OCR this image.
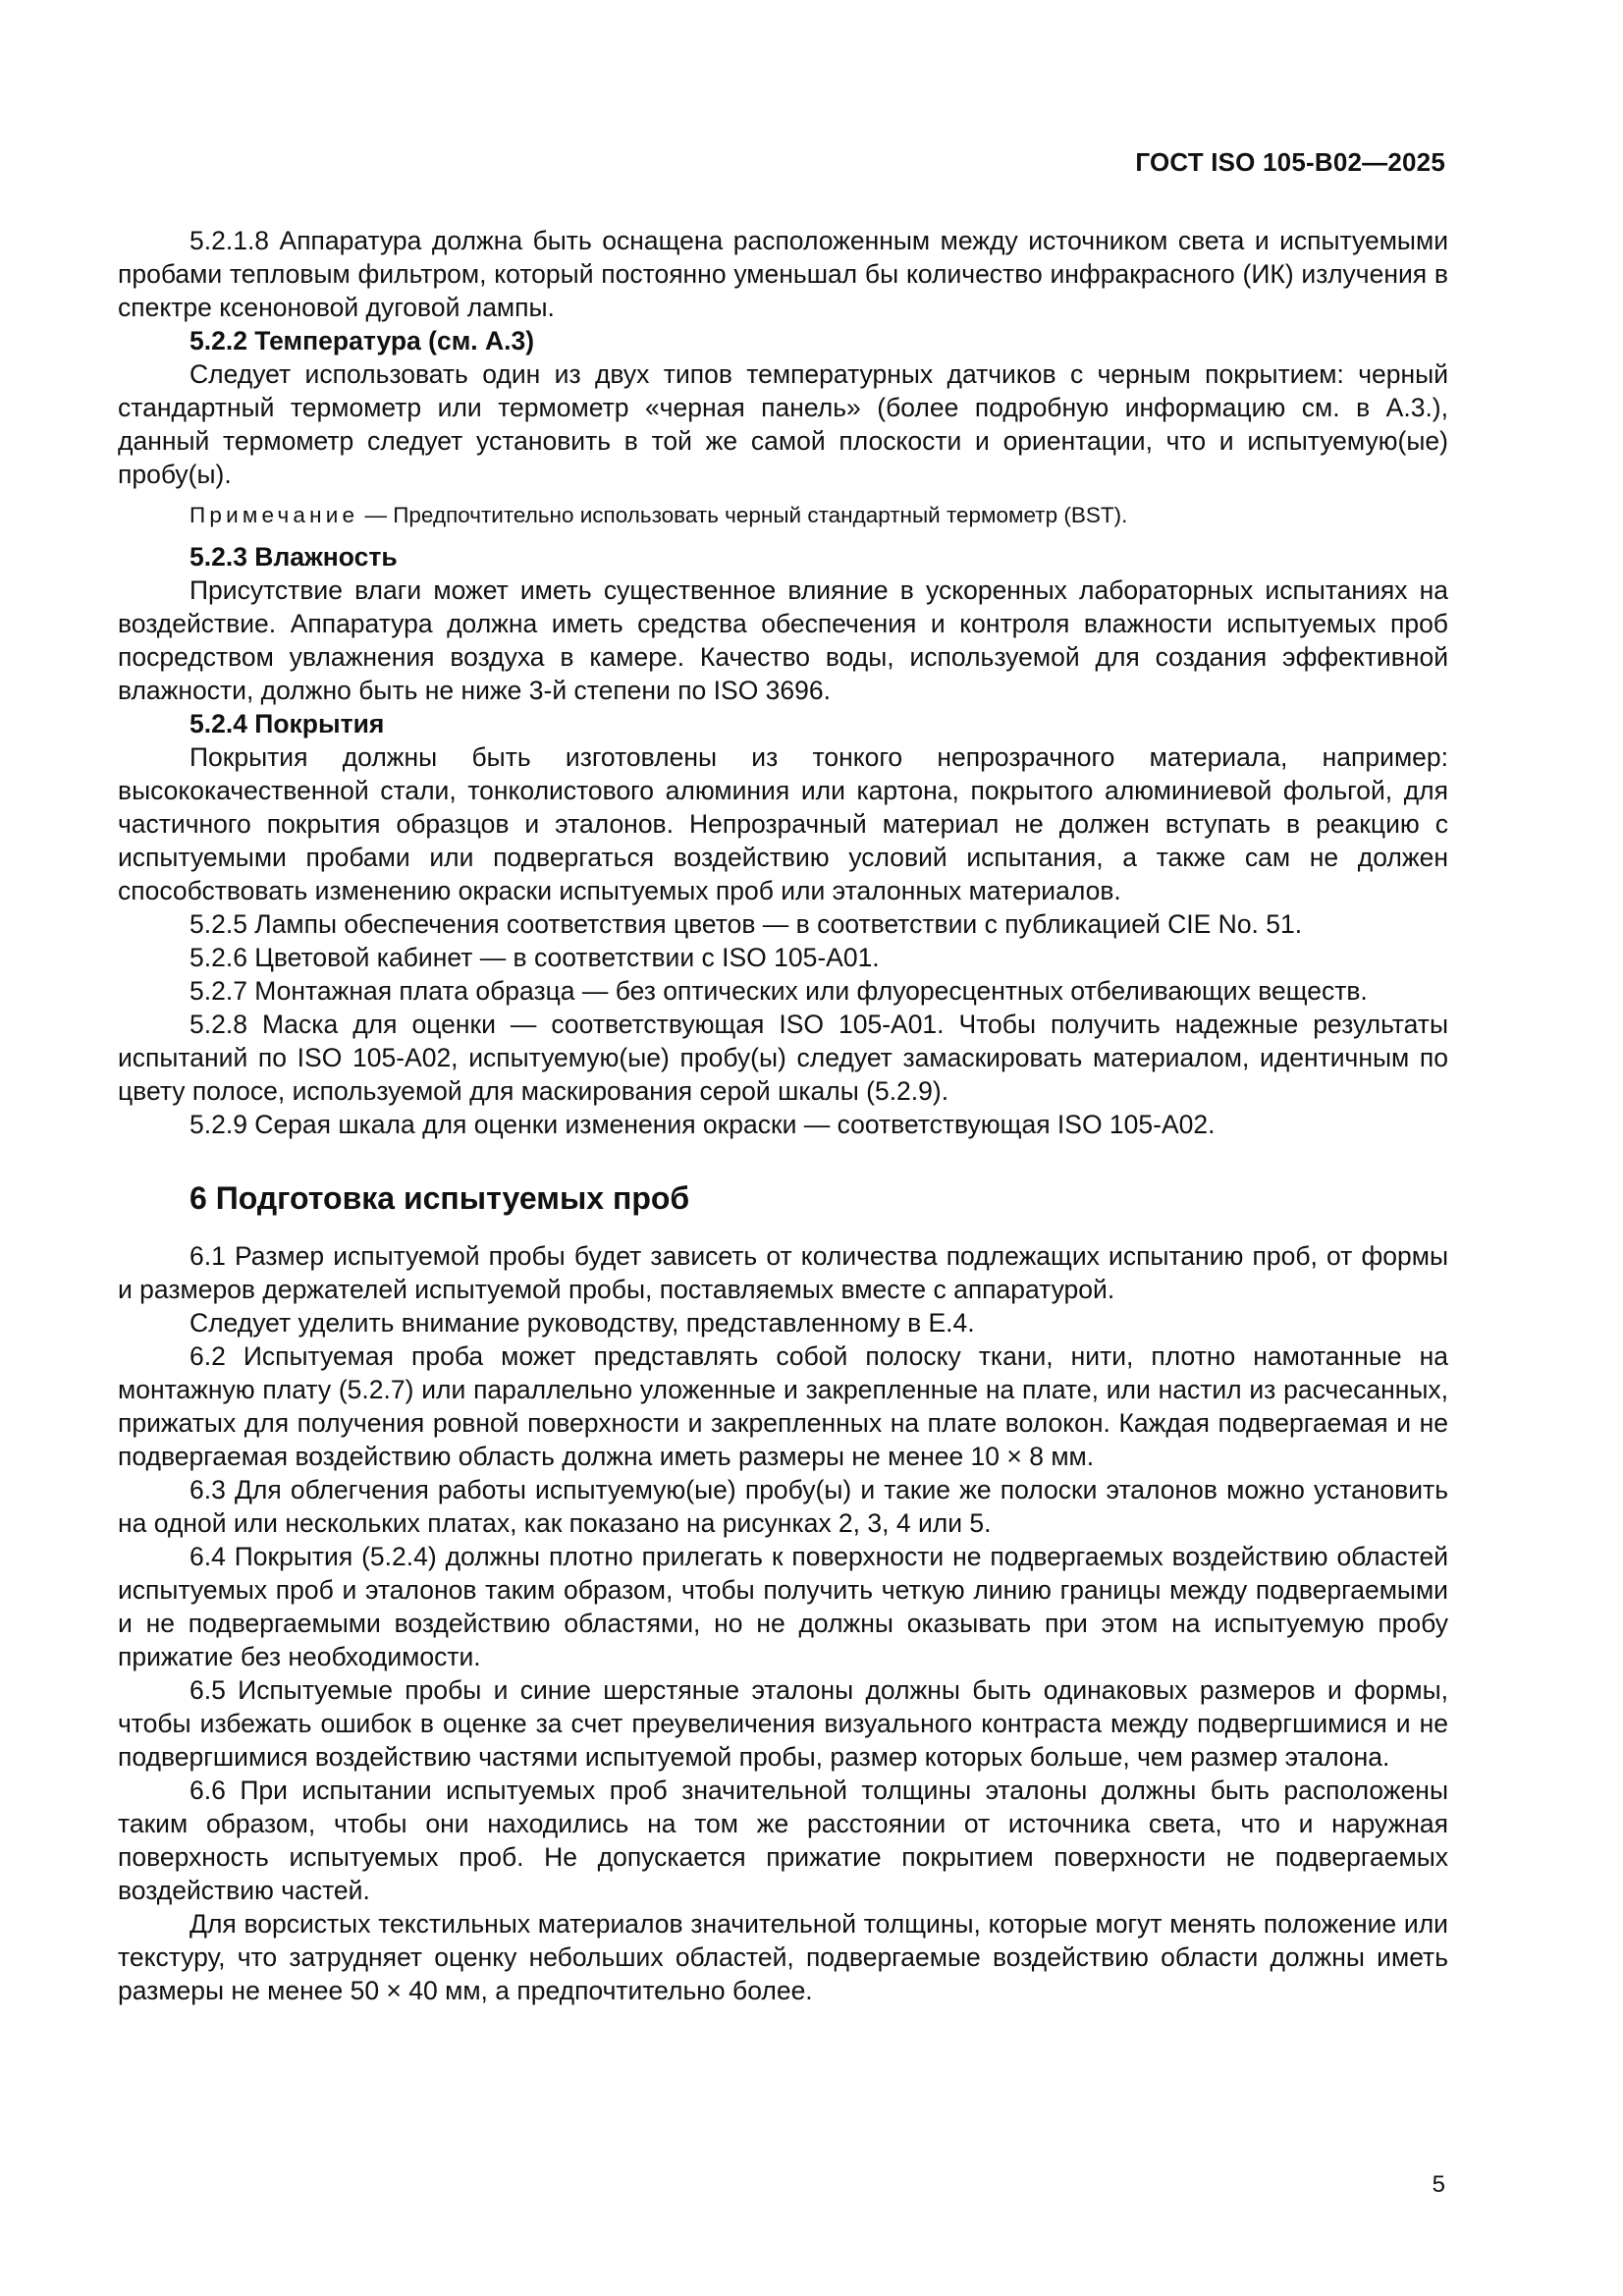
ГОСТ ISO 105-B02—2025

5.2.1.8 Аппаратура должна быть оснащена расположенным между источником света и испытуемыми пробами тепловым фильтром, который постоянно уменьшал бы количество инфракрасного (ИК) излучения в спектре ксеноновой дуговой лампы.

5.2.2 Температура (см. А.3)

Следует использовать один из двух типов температурных датчиков с черным покрытием: черный стандартный термометр или термометр «черная панель» (более подробную информацию см. в А.3.), данный термометр следует установить в той же самой плоскости и ориентации, что и испытуемую(ые) пробу(ы).

Примечание — Предпочтительно использовать черный стандартный термометр (BST).

5.2.3 Влажность

Присутствие влаги может иметь существенное влияние в ускоренных лабораторных испытаниях на воздействие. Аппаратура должна иметь средства обеспечения и контроля влажности испытуемых проб посредством увлажнения воздуха в камере. Качество воды, используемой для создания эффективной влажности, должно быть не ниже 3-й степени по ISO 3696.

5.2.4 Покрытия

Покрытия должны быть изготовлены из тонкого непрозрачного материала, например: высококачественной стали, тонколистового алюминия или картона, покрытого алюминиевой фольгой, для частичного покрытия образцов и эталонов. Непрозрачный материал не должен вступать в реакцию с испытуемыми пробами или подвергаться воздействию условий испытания, а также сам не должен способствовать изменению окраски испытуемых проб или эталонных материалов.

5.2.5 Лампы обеспечения соответствия цветов — в соответствии с публикацией CIE No. 51.

5.2.6 Цветовой кабинет — в соответствии с ISO 105-A01.

5.2.7 Монтажная плата образца — без оптических или флуоресцентных отбеливающих веществ.

5.2.8 Маска для оценки — соответствующая ISO 105-A01. Чтобы получить надежные результаты испытаний по ISO 105-A02, испытуемую(ые) пробу(ы) следует замаскировать материалом, идентичным по цвету полосе, используемой для маскирования серой шкалы (5.2.9).

5.2.9 Серая шкала для оценки изменения окраски — соответствующая ISO 105-A02.

6 Подготовка испытуемых проб

6.1 Размер испытуемой пробы будет зависеть от количества подлежащих испытанию проб, от формы и размеров держателей испытуемой пробы, поставляемых вместе с аппаратурой.

Следует уделить внимание руководству, представленному в Е.4.

6.2 Испытуемая проба может представлять собой полоску ткани, нити, плотно намотанные на монтажную плату (5.2.7) или параллельно уложенные и закрепленные на плате, или настил из расчесанных, прижатых для получения ровной поверхности и закрепленных на плате волокон. Каждая подвергаемая и не подвергаемая воздействию область должна иметь размеры не менее 10 × 8 мм.

6.3 Для облегчения работы испытуемую(ые) пробу(ы) и такие же полоски эталонов можно установить на одной или нескольких платах, как показано на рисунках 2, 3, 4 или 5.

6.4 Покрытия (5.2.4) должны плотно прилегать к поверхности не подвергаемых воздействию областей испытуемых проб и эталонов таким образом, чтобы получить четкую линию границы между подвергаемыми и не подвергаемыми воздействию областями, но не должны оказывать при этом на испытуемую пробу прижатие без необходимости.

6.5 Испытуемые пробы и синие шерстяные эталоны должны быть одинаковых размеров и формы, чтобы избежать ошибок в оценке за счет преувеличения визуального контраста между подвергшимися и не подвергшимися воздействию частями испытуемой пробы, размер которых больше, чем размер эталона.

6.6 При испытании испытуемых проб значительной толщины эталоны должны быть расположены таким образом, чтобы они находились на том же расстоянии от источника света, что и наружная поверхность испытуемых проб. Не допускается прижатие покрытием поверхности не подвергаемых воздействию частей.

Для ворсистых текстильных материалов значительной толщины, которые могут менять положение или текстуру, что затрудняет оценку небольших областей, подвергаемые воздействию области должны иметь размеры не менее 50 × 40 мм, а предпочтительно более.

5
